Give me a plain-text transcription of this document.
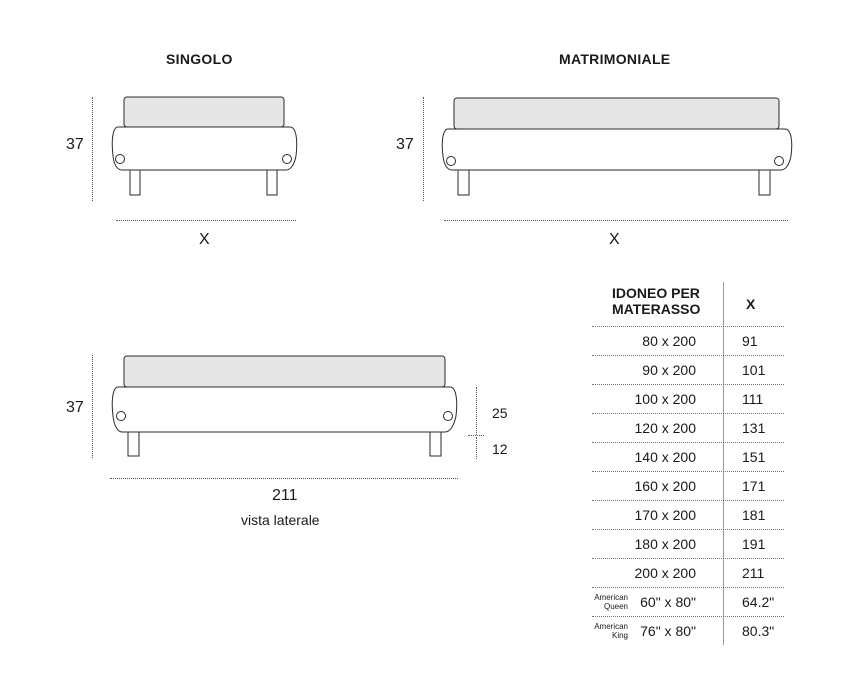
SINGOLO
37
X
MATRIMONIALE
37
X
37	25
12
211
vista laterale
IDONEO PER MATERASSO	X
80 x 200	91
90 x 200	101
100 x 200	111
120 x 200	131
140 x 200	151
160 x 200	171
170 x 200	181
180 x 200	191
200 x 200	211
American Queen 60" x 80"	64.2"
American King 76" x 80"	80.3"
